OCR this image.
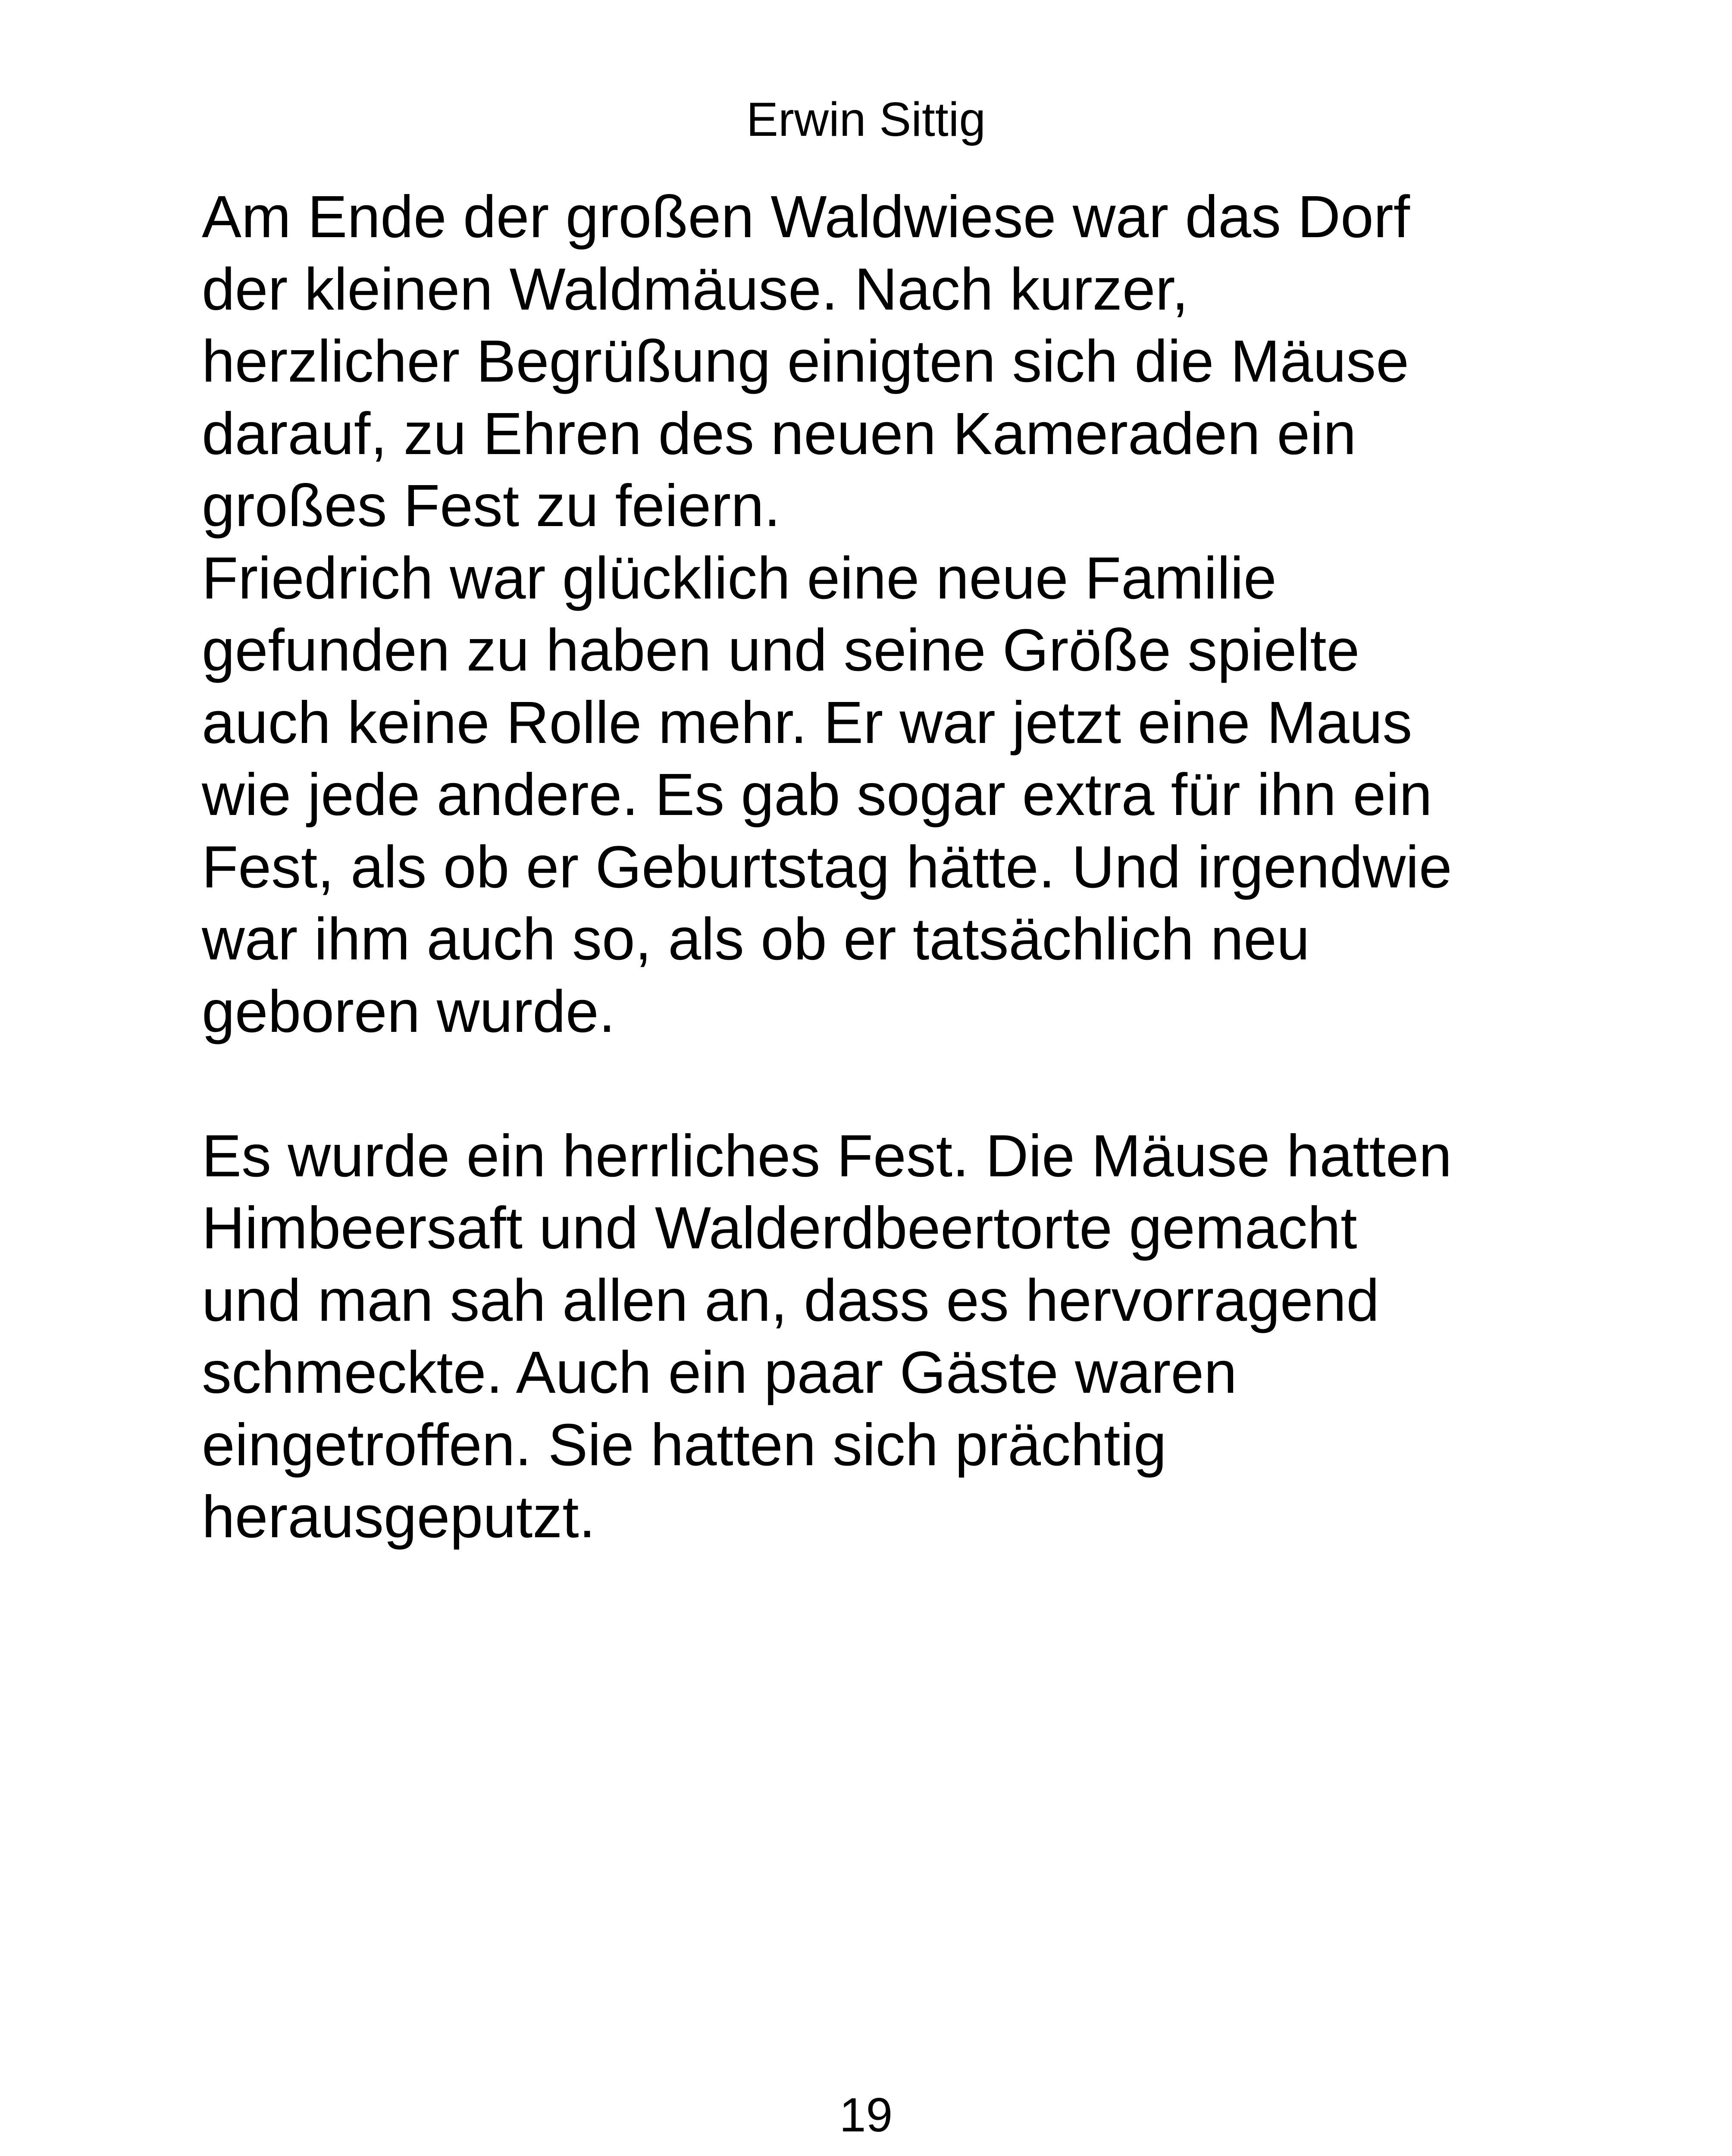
Erwin Sittig
Am Ende der großen Waldwiese war das Dorf
der kleinen Waldmäuse. Nach kurzer,
herzlicher Begrüßung einigten sich die Mäuse
darauf, zu Ehren des neuen Kameraden ein
großes Fest zu feiern.
Friedrich war glücklich eine neue Familie
gefunden zu haben und seine Größe spielte
auch keine Rolle mehr. Er war jetzt eine Maus
wie jede andere. Es gab sogar extra für ihn ein
Fest, als ob er Geburtstag hätte. Und irgendwie
war ihm auch so, als ob er tatsächlich neu
geboren wurde.
Es wurde ein herrliches Fest. Die Mäuse hatten
Himbeersaft und Walderdbeertorte gemacht
und man sah allen an, dass es hervorragend
schmeckte. Auch ein paar Gäste waren
eingetroffen. Sie hatten sich prächtig
herausgeputzt.
19
